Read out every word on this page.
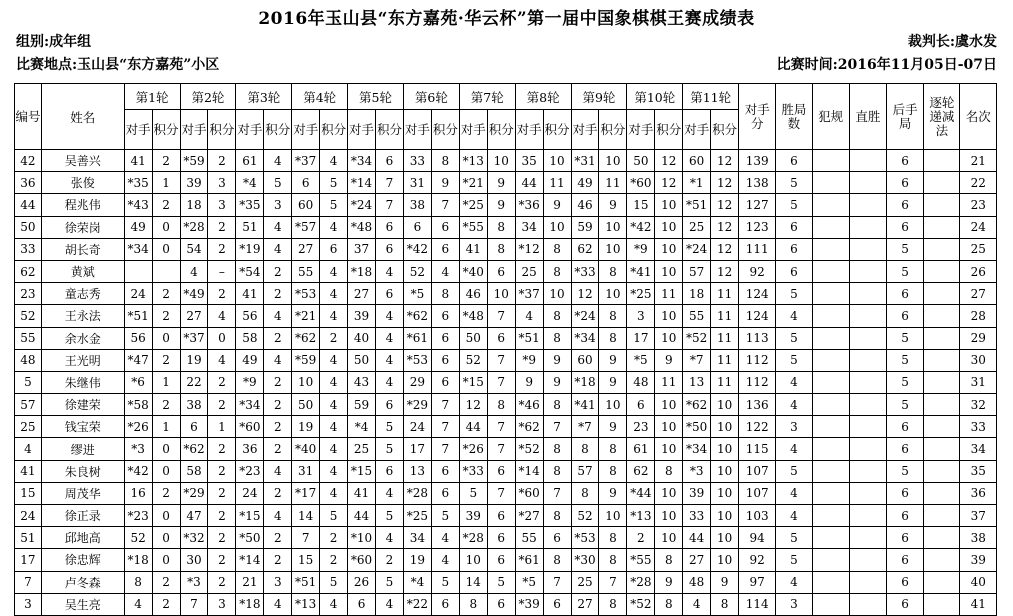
2016年玉山县“东方嘉苑·华云杯”第一届中国象棋棋王赛成绩表
组别:成年组	裁判长:虞水发
比赛地点:玉山县“东方嘉苑”小区	比赛时间:2016年11月05日-07日
编号	姓名	第1轮		第2轮		第3轮		第4轮		第5轮		第6轮		第7轮		第8轮		第9轮		第10轮		第11轮		对手分	胜局数	犯规	直胜	后手局	逐轮递减法	名次
		对手	积分	对手	积分	对手	积分	对手	积分	对手	积分	对手	积分	对手	积分	对手	积分	对手	积分	对手	积分	对手	积分							
42	吴善兴	41	2	*59	2	61	4	*37	4	*34	6	33	8	*13	10	35	10	*31	10	50	12	60	12	139	6			6		21
36	张俊	*35	1	39	3	*4	5	6	5	*14	7	31	9	*21	9	44	11	49	11	*60	12	*1	12	138	5			6		22
44	程兆伟	*43	2	18	3	*35	3	60	5	*24	7	38	7	*25	9	*36	9	46	9	15	10	*51	12	127	5			6		23
50	徐荣岗	49	0	*28	2	51	4	*57	4	*48	6	6	6	*55	8	34	10	59	10	*42	10	25	12	123	6			6		24
33	胡长奇	*34	0	54	2	*19	4	27	6	37	6	*42	6	41	8	*12	8	62	10	*9	10	*24	12	111	6			5		25
62	黄斌			4	–	*54	2	55	4	*18	4	52	4	*40	6	25	8	*33	8	*41	10	57	12	92	6			5		26
23	童志秀	24	2	*49	2	41	2	*53	4	27	6	*5	8	46	10	*37	10	12	10	*25	11	18	11	124	5			6		27
52	王永法	*51	2	27	4	56	4	*21	4	39	4	*62	6	*48	7	4	8	*24	8	3	10	55	11	124	4			6		28
55	余水金	56	0	*37	0	58	2	*62	2	40	4	*61	6	50	6	*51	8	*34	8	17	10	*52	11	113	5			5		29
48	王光明	*47	2	19	4	49	4	*59	4	50	4	*53	6	52	7	*9	9	60	9	*5	9	*7	11	112	5			5		30
5	朱继伟	*6	1	22	2	*9	2	10	4	43	4	29	6	*15	7	9	9	*18	9	48	11	13	11	112	4			5		31
57	徐建荣	*58	2	38	2	*34	2	50	4	59	6	*29	7	12	8	*46	8	*41	10	6	10	*62	10	136	4			5		32
25	钱宝荣	*26	1	6	1	*60	2	19	4	*4	5	24	7	44	7	*62	7	*7	9	23	10	*50	10	122	3			6		33
4	缪进	*3	0	*62	2	36	2	*40	4	25	5	17	7	*26	7	*52	8	8	8	61	10	*34	10	115	4			6		34
41	朱良树	*42	0	58	2	*23	4	31	4	*15	6	13	6	*33	6	*14	8	57	8	62	8	*3	10	107	5			5		35
15	周茂华	16	2	*29	2	24	2	*17	4	41	4	*28	6	5	7	*60	7	8	9	*44	10	39	10	107	4			6		36
24	徐正录	*23	0	47	2	*15	4	14	5	44	5	*25	5	39	6	*27	8	52	10	*13	10	33	10	103	4			6		37
51	邱地高	52	0	*32	2	*50	2	7	2	*10	4	34	4	*28	6	55	6	*53	8	2	10	44	10	94	5			6		38
17	徐忠辉	*18	0	30	2	*14	2	15	2	*60	2	19	4	10	6	*61	8	*30	8	*55	8	27	10	92	5			6		39
7	卢冬森	8	2	*3	2	21	3	*51	5	26	5	*4	5	14	5	*5	7	25	7	*28	9	48	9	97	4			6		40
3	吴生亮	4	2	7	3	*18	4	*13	4	6	4	*22	6	8	6	*39	6	27	8	*52	8	4	8	114	3			6		41
